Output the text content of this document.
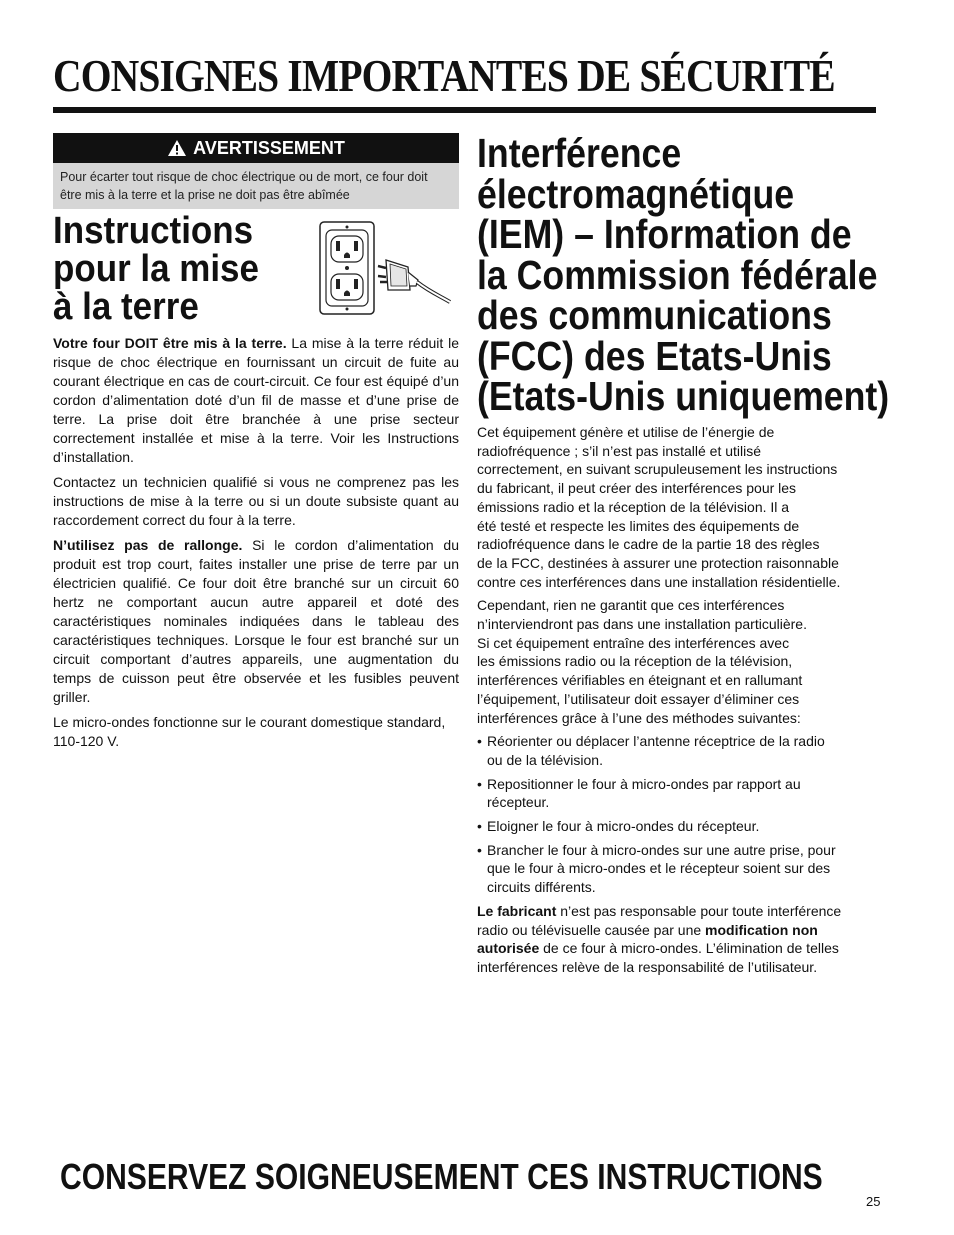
CONSIGNES IMPORTANTES DE SÉCURITÉ
AVERTISSEMENT
Pour écarter tout risque de choc électrique ou de mort, ce four doit être mis à la terre et la prise ne doit pas être abîmée
Instructions
pour la mise
à la terre

Votre four DOIT être mis à la terre. La mise à la terre réduit le risque de choc électrique en fournissant un circuit de fuite au courant électrique en cas de court-circuit. Ce four est équipé d’un cordon d’alimentation doté d’un fil de masse et d’une prise de terre. La prise doit être branchée à une prise secteur correctement installée et mise à la terre. Voir les Instructions d’installation.

Contactez un technicien qualifié si vous ne comprenez pas les instructions de mise à la terre ou si un doute subsiste quant au raccordement correct du four à la terre.

N’utilisez pas de rallonge. Si le cordon d’alimentation du produit est trop court, faites installer une prise de terre par un électricien qualifié. Ce four doit être branché sur un circuit 60 hertz ne comportant aucun autre appareil et doté des caractéristiques nominales indiquées dans le tableau des caractéristiques techniques. Lorsque le four est branché sur un circuit comportant d’autres appareils, une augmentation du temps de cuisson peut être observée et les fusibles peuvent griller.

Le micro-ondes fonctionne sur le courant domestique standard, 110-120 V.

Interférence
électromagnétique
(IEM) – Information de
la Commission fédérale
des communications
(FCC) des Etats-Unis
(Etats-Unis uniquement)

Cet équipement génère et utilise de l’énergie de
radiofréquence ; s’il n’est pas installé et utilisé
correctement, en suivant scrupuleusement les instructions
du fabricant, il peut créer des interférences pour les
émissions radio et la réception de la télévision. Il a
été testé et respecte les limites des équipements de
radiofréquence dans le cadre de la partie 18 des règles
de la FCC, destinées à assurer une protection raisonnable
contre ces interférences dans une installation résidentielle.

Cependant, rien ne garantit que ces interférences
n’interviendront pas dans une installation particulière.
Si cet équipement entraîne des interférences avec
les émissions radio ou la réception de la télévision,
interférences vérifiables en éteignant et en rallumant
l’équipement, l’utilisateur doit essayer d’éliminer ces
interférences grâce à l’une des méthodes suivantes:

• Réorienter ou déplacer l’antenne réceptrice de la radio
ou de la télévision.
• Repositionner le four à micro-ondes par rapport au
récepteur.
• Eloigner le four à micro-ondes du récepteur.
• Brancher le four à micro-ondes sur une autre prise, pour
que le four à micro-ondes et le récepteur soient sur des
circuits différents.

Le fabricant n’est pas responsable pour toute interférence
radio ou télévisuelle causée par une modification non
autorisée de ce four à micro-ondes. L’élimination de telles
interférences relève de la responsabilité de l’utilisateur.

CONSERVEZ SOIGNEUSEMENT CES INSTRUCTIONS
25
